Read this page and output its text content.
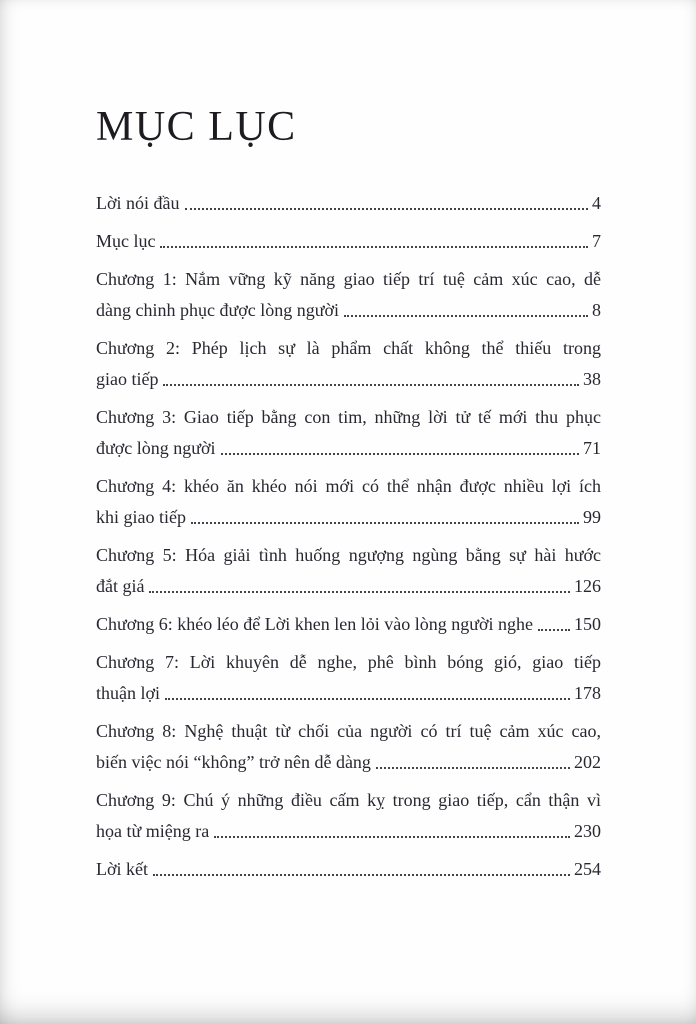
MỤC LỤC
Lời nói đầu	4
Mục lục	7
Chương 1: Nắm vững kỹ năng giao tiếp trí tuệ cảm xúc cao, dễ
dàng chinh phục được lòng người	8
Chương 2: Phép lịch sự là phẩm chất không thể thiếu trong
giao tiếp	38
Chương 3: Giao tiếp bằng con tim, những lời tử tế mới thu phục
được lòng người	71
Chương 4: khéo ăn khéo nói mới có thể nhận được nhiều lợi ích
khi giao tiếp	99
Chương 5: Hóa giải tình huống ngượng ngùng bằng sự hài hước
đắt giá	126
Chương 6: khéo léo để Lời khen len lỏi vào lòng người nghe 150
Chương 7: Lời khuyên dễ nghe, phê bình bóng gió, giao tiếp
thuận lợi	178
Chương 8: Nghệ thuật từ chối của người có trí tuệ cảm xúc cao,
biến việc nói “không” trở nên dễ dàng	202
Chương 9: Chú ý những điều cấm kỵ trong giao tiếp, cẩn thận vì
họa từ miệng ra	230
Lời kết	254
